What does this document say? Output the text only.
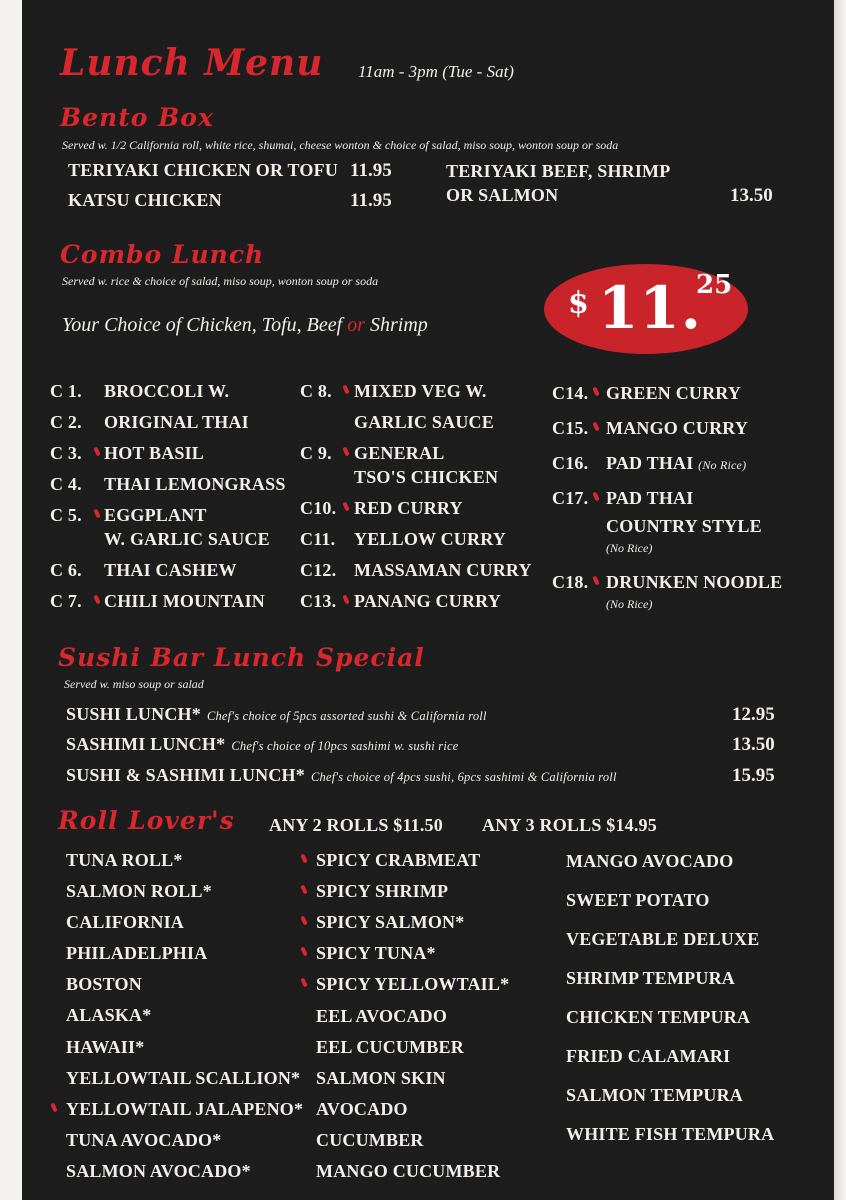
Lunch Menu 11am - 3pm (Tue - Sat)
Bento Box
Served w. 1/2 California roll, white rice, shumai, cheese wonton & choice of salad, miso soup, wonton soup or soda
TERIYAKI CHICKEN OR TOFU 11.95
KATSU CHICKEN	11.95
TERIYAKI BEEF, SHRIMP
OR SALMON	13.50
Combo Lunch
Served w. rice & choice of salad, miso soup, wonton soup or soda
Your Choice of Chicken, Tofu, Beef or Shrimp
$ 11.
25
C 1. BROCCOLI W.
C 2. ORIGINAL THAI
C 3. HOT BASIL
C 4. THAI LEMONGRASS
C 5. EGGPLANT
W. GARLIC SAUCE
C 6. THAI CASHEW
C 7. CHILI MOUNTAIN
C 8. MIXED VEG W.
GARLIC SAUCE
C 9. GENERAL
TSO'S CHICKEN
C10. RED CURRY
C11. YELLOW CURRY
C12. MASSAMAN CURRY
C13. PANANG CURRY
C14. GREEN CURRY
C15. MANGO CURRY
C16. PAD THAI (No Rice)
C17. PAD THAI
COUNTRY STYLE
(No Rice)
C18. DRUNKEN NOODLE
(No Rice)
Sushi Bar Lunch Special
Served w. miso soup or salad
SUSHI LUNCH* Chef's choice of 5pcs assorted sushi & California roll	12.95
SASHIMI LUNCH* Chef's choice of 10pcs sashimi w. sushi rice	13.50
SUSHI & SASHIMI LUNCH* Chef's choice of 4pcs sushi, 6pcs sashimi & California roll	15.95
Roll Lover's ANY 2 ROLLS $11.50 ANY 3 ROLLS $14.95
TUNA ROLL*
SALMON ROLL*
CALIFORNIA
PHILADELPHIA
BOSTON
ALASKA*
HAWAII*
YELLOWTAIL SCALLION*
YELLOWTAIL JALAPENO*
TUNA AVOCADO*
SALMON AVOCADO*
SPICY CRABMEAT
SPICY SHRIMP
SPICY SALMON*
SPICY TUNA*
SPICY YELLOWTAIL*
EEL AVOCADO
EEL CUCUMBER
SALMON SKIN
AVOCADO
CUCUMBER
MANGO CUCUMBER
MANGO AVOCADO
SWEET POTATO
VEGETABLE DELUXE
SHRIMP TEMPURA
CHICKEN TEMPURA
FRIED CALAMARI
SALMON TEMPURA
WHITE FISH TEMPURA
